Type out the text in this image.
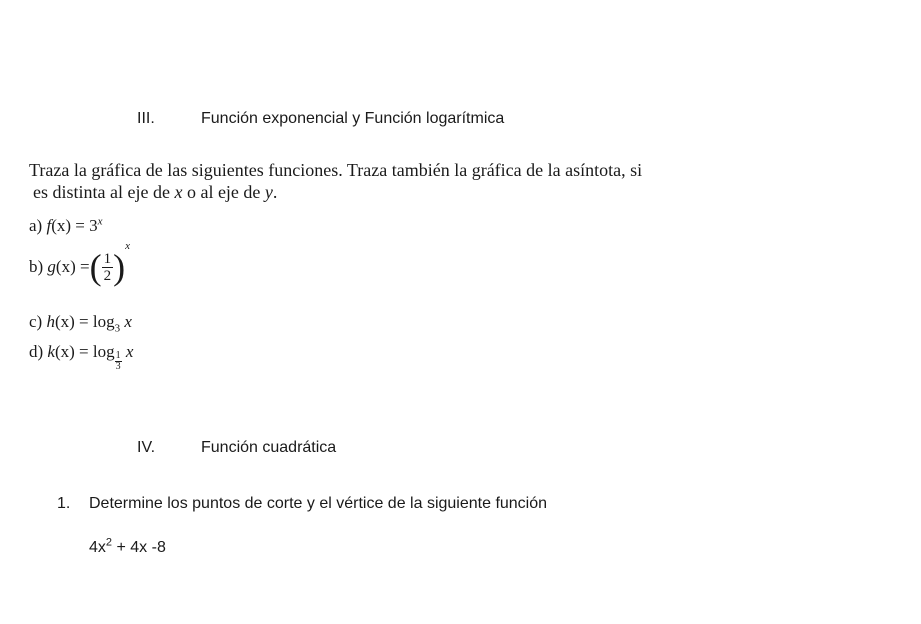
III.	Función exponencial y Función logarítmica
Traza la gráfica de las siguientes funciones. Traza también la gráfica de la asíntota, si
es distinta al eje de x o al eje de y.
a) $f(x) = 3^x$
b) g(x) =( $\frac{1}{2} )^x$
c) $h(x) = \log_3 x$
d) $k(x) = \log \frac{1}{3}$ x
IV.	Función cuadrática
1. Determine los puntos de corte y el vértice de la siguiente función
$4x^2 + 4x$ -8
